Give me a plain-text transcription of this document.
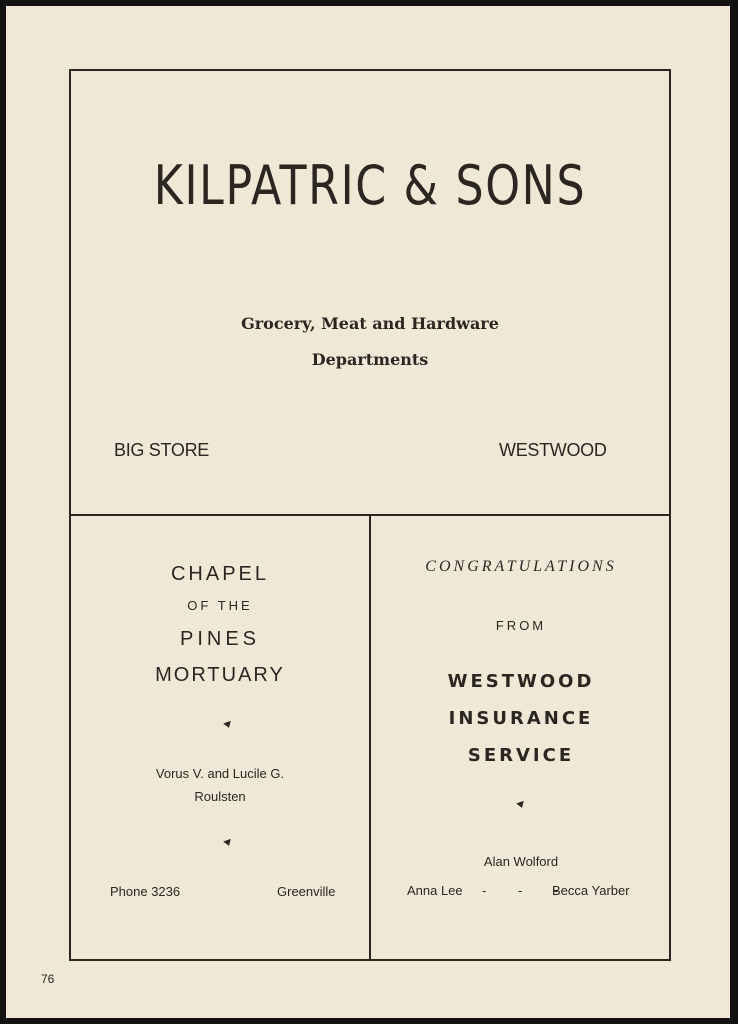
KILPATRIC & SONS
Grocery, Meat and Hardware
Departments
BIG STORE	WESTWOOD
CHAPEL
OF THE
PINES
MORTUARY
Vorus V. and Lucile G.
Roulsten
Phone 3236	Greenville
CONGRATULATIONS
FROM
WESTWOOD
INSURANCE
SERVICE
Alan Wolford
Anna Lee - - -
Becca Yarber
76
